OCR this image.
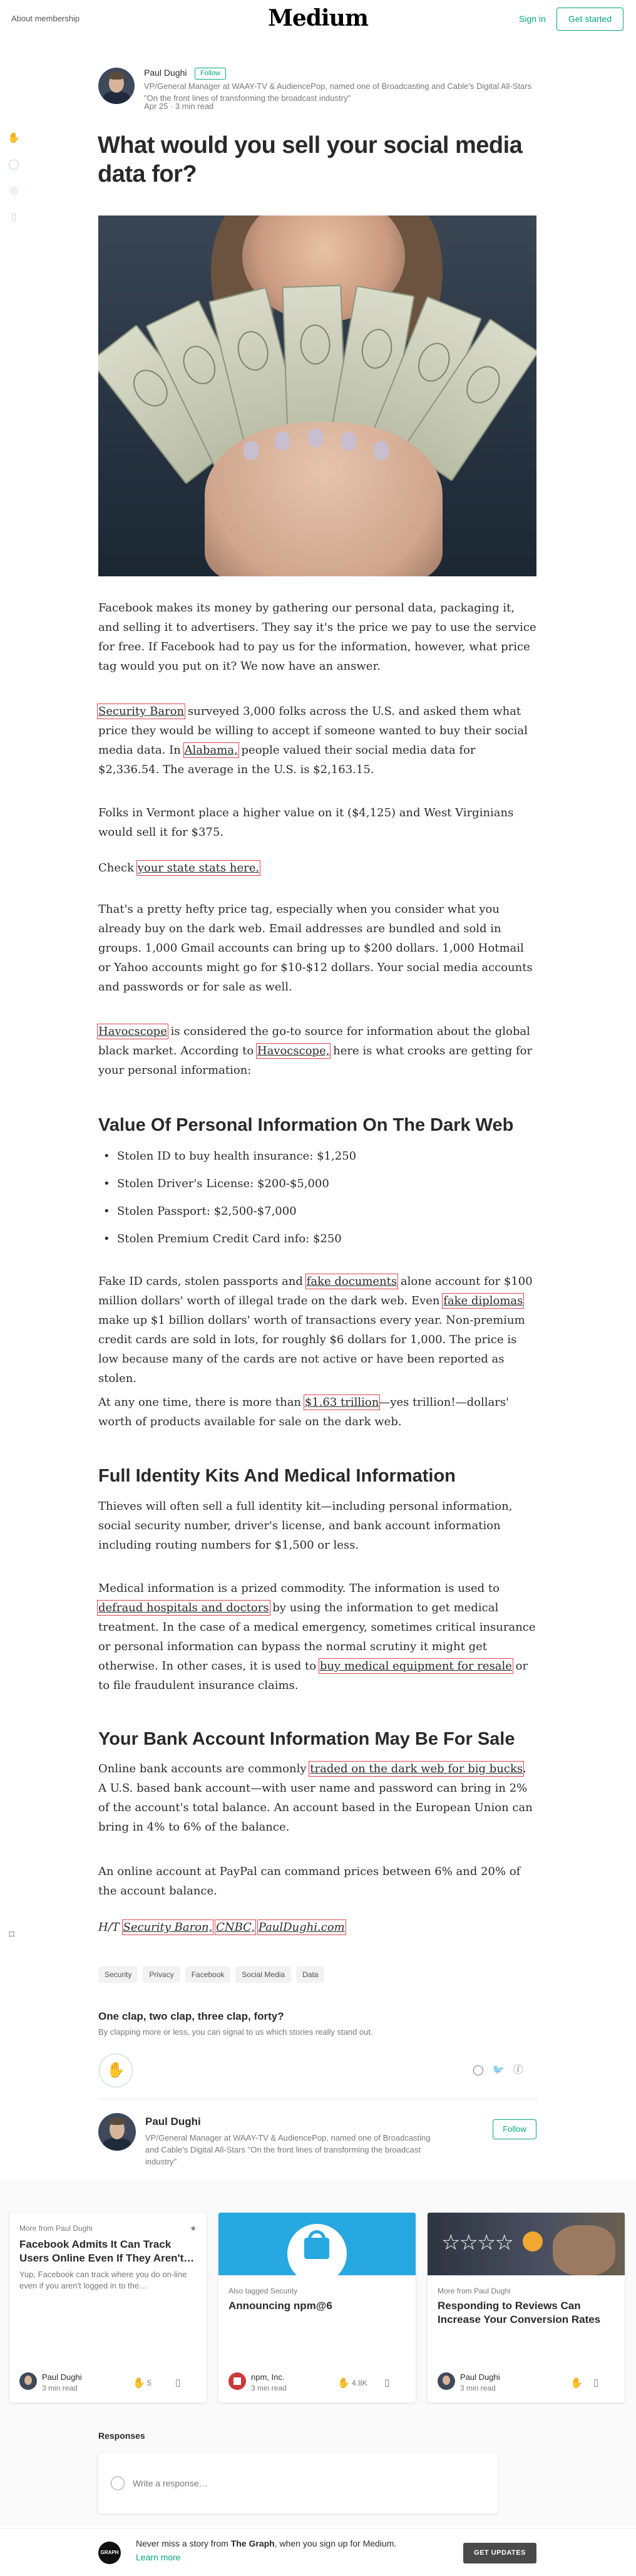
About membership	Medium	Sign in	Get started
✋
◯
◎
▯
Paul Dughi	Follow
VP/General Manager at WAAY-TV & AudiencePop, named one of Broadcasting and Cable's Digital All-Stars "On the front lines of transforming the broadcast industry"
Apr 25 · 3 min read
What would you sell your social media data for?

Facebook makes its money by gathering our personal data, packaging it, and selling it to advertisers. They say it's the price we pay to use the service for free. If Facebook had to pay us for the information, however, what price tag would you put on it? We now have an answer.

Security Baron surveyed 3,000 folks across the U.S. and asked them what price they would be willing to accept if someone wanted to buy their social media data. In Alabama, people valued their social media data for $2,336.54. The average in the U.S. is $2,163.15.

Folks in Vermont place a higher value on it ($4,125) and West Virginians would sell it for $375.

Check your state stats here.

That's a pretty hefty price tag, especially when you consider what you already buy on the dark web. Email addresses are bundled and sold in groups. 1,000 Gmail accounts can bring up to $200 dollars. 1,000 Hotmail or Yahoo accounts might go for $10-$12 dollars. Your social media accounts and passwords or for sale as well.

Havocscope is considered the go-to source for information about the global black market. According to Havocscope, here is what crooks are getting for your personal information:

Value Of Personal Information On The Dark Web
• Stolen ID to buy health insurance: $1,250
• Stolen Driver's License: $200-$5,000
• Stolen Passport: $2,500-$7,000
• Stolen Premium Credit Card info: $250

Fake ID cards, stolen passports and fake documents alone account for $100 million dollars' worth of illegal trade on the dark web. Even fake diplomas make up $1 billion dollars' worth of transactions every year. Non-premium credit cards are sold in lots, for roughly $6 dollars for 1,000. The price is low because many of the cards are not active or have been reported as stolen.

At any one time, there is more than $1.63 trillion—yes trillion!—dollars' worth of products available for sale on the dark web.

Full Identity Kits And Medical Information

Thieves will often sell a full identity kit—including personal information, social security number, driver's license, and bank account information including routing numbers for $1,500 or less.

Medical information is a prized commodity. The information is used to defraud hospitals and doctors by using the information to get medical treatment. In the case of a medical emergency, sometimes critical insurance or personal information can bypass the normal scrutiny it might get otherwise. In other cases, it is used to buy medical equipment for resale or to file fraudulent insurance claims.

Your Bank Account Information May Be For Sale

Online bank accounts are commonly traded on the dark web for big bucks. A U.S. based bank account—with user name and password can bring in 2% of the account's total balance. An account based in the European Union can bring in 4% to 6% of the balance.

An online account at PayPal can command prices between 6% and 20% of the account balance.

H/T Security Baron, CNBC, PaulDughi.com

⌑
Security Privacy Facebook Social Media Data
One clap, two clap, three clap, forty?
By clapping more or less, you can signal to us which stories really stand out.
✋	◯ 🐦 ⓕ
Paul Dughi
VP/General Manager at WAAY-TV & AudiencePop, named one of Broadcasting and Cable's Digital All-Stars "On the front lines of transforming the broadcast industry"
Follow
More from Paul Dughi	★
Facebook Admits It Can Track Users Online Even If They Aren't…
Yup, Facebook can track where you do on-line even if you aren't logged in to the…
Paul Dughi
3 min read	✋ 5	▯
Also tagged Security
Announcing npm@6
npm, Inc.
3 min read	✋ 4.8K ▯
☆☆☆☆
More from Paul Dughi
Responding to Reviews Can Increase Your Conversion Rates
Paul Dughi
3 min read	✋ ▯
Responses
Write a response…
GRAPH
Never miss a story from The Graph, when you sign up for Medium.
Learn more	GET UPDATES
